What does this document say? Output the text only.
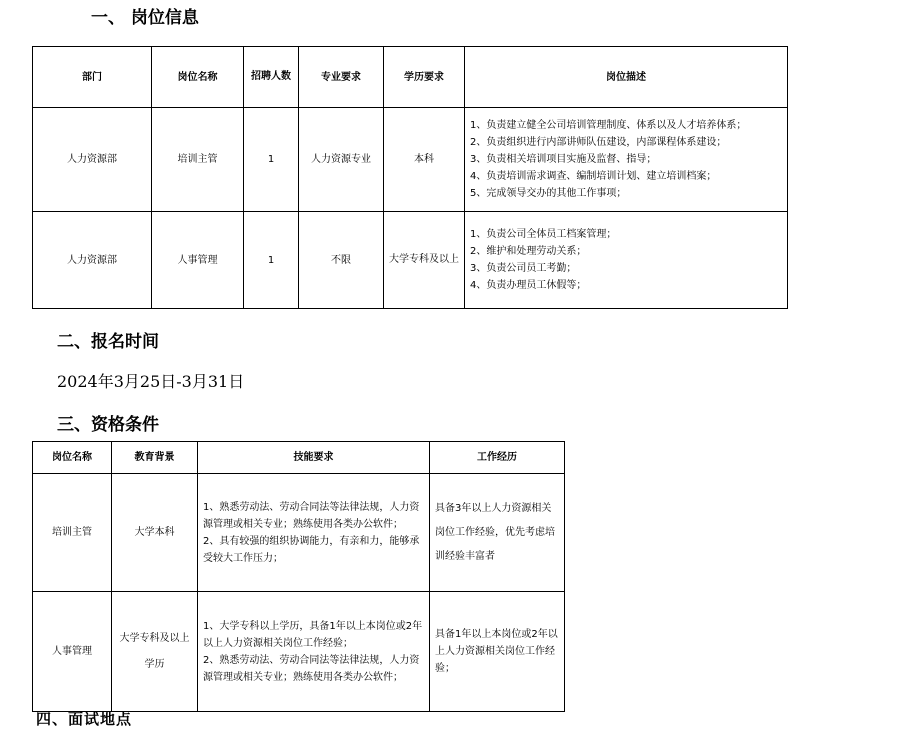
一、 岗位信息
部门	岗位名称	招聘人数	专业要求	学历要求	岗位描述
人力资源部	培训主管	1	人力资源专业	本科	1、负责建立健全公司培训管理制度、体系以及人才培养体系；
2、负责组织进行内部讲师队伍建设，内部课程体系建设；
3、负责相关培训项目实施及监督、指导；
4、负责培训需求调查、编制培训计划、建立培训档案；
5、完成领导交办的其他工作事项；

人力资源部	人事管理	1	不限	大学专科及以上	1、负责公司全体员工档案管理；
2、维护和处理劳动关系；
3、负责公司员工考勤；
4、负责办理员工休假等；
二、报名时间
2024年3月25日-3月31日
三、资格条件
岗位名称	教育背景	技能要求	工作经历
培训主管	大学本科	1、熟悉劳动法、劳动合同法等法律法规，人力资源管理或相关专业；熟练使用各类办公软件；
2、具有较强的组织协调能力，有亲和力，能够承受较大工作压力；	具备3年以上人力资源相关岗位工作经验，优先考虑培训经验丰富者

人事管理	大学专科及以上学历	1、大学专科以上学历，具备1年以上本岗位或2年以上人力资源相关岗位工作经验；
2、熟悉劳动法、劳动合同法等法律法规，人力资源管理或相关专业；熟练使用各类办公软件；	具备1年以上本岗位或2年以上人力资源相关岗位工作经验；
四、面试地点
